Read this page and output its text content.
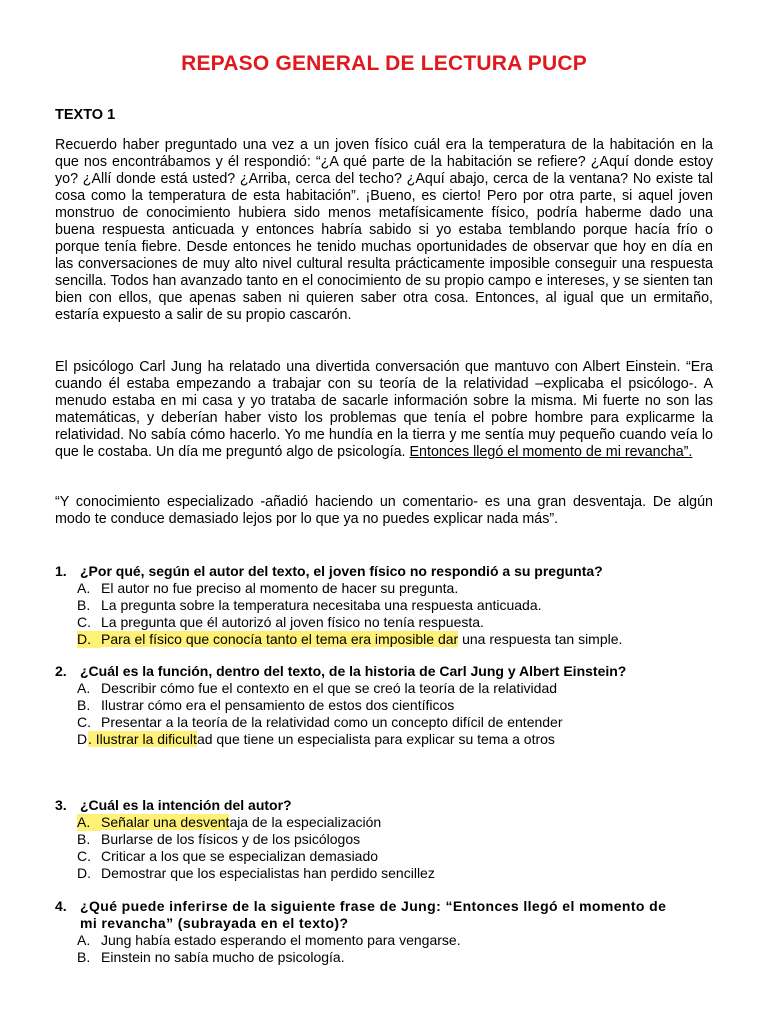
REPASO GENERAL DE LECTURA PUCP
TEXTO 1

Recuerdo haber preguntado una vez a un joven físico cuál era la temperatura de la habitación en la que nos encontrábamos y él respondió: “¿A qué parte de la habitación se refiere? ¿Aquí donde estoy yo? ¿Allí donde está usted? ¿Arriba, cerca del techo? ¿Aquí abajo, cerca de la ventana? No existe tal cosa como la temperatura de esta habitación”. ¡Bueno, es cierto! Pero por otra parte, si aquel joven monstruo de conocimiento hubiera sido menos metafísicamente físico, podría haberme dado una buena respuesta anticuada y entonces habría sabido si yo estaba temblando porque hacía frío o porque tenía fiebre. Desde entonces he tenido muchas oportunidades de observar que hoy en día en las conversaciones de muy alto nivel cultural resulta prácticamente imposible conseguir una respuesta sencilla. Todos han avanzado tanto en el conocimiento de su propio campo e intereses, y se sienten tan bien con ellos, que apenas saben ni quieren saber otra cosa. Entonces, al igual que un ermitaño, estaría expuesto a salir de su propio cascarón.

El psicólogo Carl Jung ha relatado una divertida conversación que mantuvo con Albert Einstein. “Era cuando él estaba empezando a trabajar con su teoría de la relatividad –explicaba el psicólogo-. A menudo estaba en mi casa y yo trataba de sacarle información sobre la misma. Mi fuerte no son las matemáticas, y deberían haber visto los problemas que tenía el pobre hombre para explicarme la relatividad. No sabía cómo hacerlo. Yo me hundía en la tierra y me sentía muy pequeño cuando veía lo que le costaba. Un día me preguntó algo de psicología. Entonces llegó el momento de mi revancha”.

“Y conocimiento especializado -añadió haciendo un comentario- es una gran desventaja. De algún modo te conduce demasiado lejos por lo que ya no puedes explicar nada más”.

1. ¿Por qué, según el autor del texto, el joven físico no respondió a su pregunta?
A. El autor no fue preciso al momento de hacer su pregunta.
B. La pregunta sobre la temperatura necesitaba una respuesta anticuada.
C. La pregunta que él autorizó al joven físico no tenía respuesta.
D. Para el físico que conocía tanto el tema era imposible dar una respuesta tan simple.
2. ¿Cuál es la función, dentro del texto, de la historia de Carl Jung y Albert Einstein?
A. Describir cómo fue el contexto en el que se creó la teoría de la relatividad
B. Ilustrar cómo era el pensamiento de estos dos científicos
C. Presentar a la teoría de la relatividad como un concepto difícil de entender
D . Ilustrar la dificultad que tiene un especialista para explicar su tema a otros
3. ¿Cuál es la intención del autor?
A. Señalar una desventaja de la especialización
B. Burlarse de los físicos y de los psicólogos
C. Criticar a los que se especializan demasiado
D. Demostrar que los especialistas han perdido sencillez
4. ¿Qué puede inferirse de la siguiente frase de Jung: “Entonces llegó el momento de
mi revancha” (subrayada en el texto)?
A. Jung había estado esperando el momento para vengarse.
B. Einstein no sabía mucho de psicología.
